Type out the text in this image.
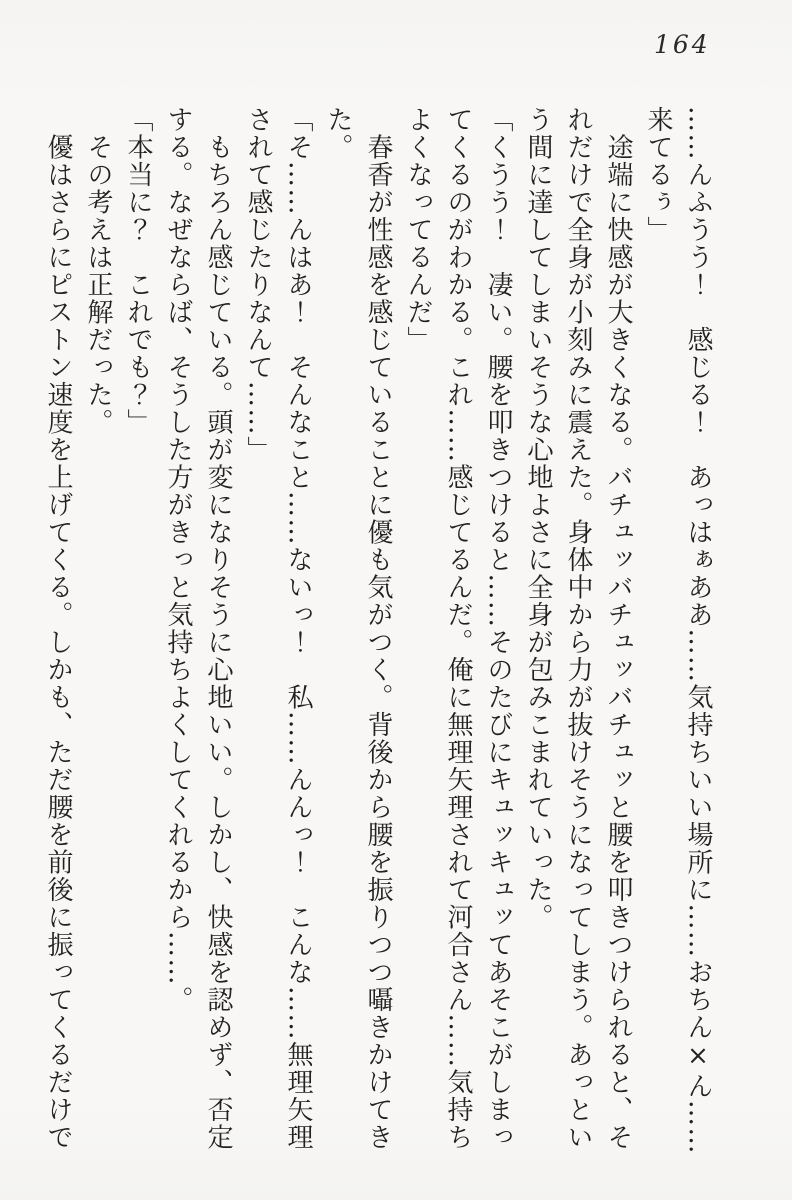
164
……んふうう！　感じる！　あっはぁああ……気持ちいい場所に……おちん×ん……
来てるぅ」
　途端に快感が大きくなる。バチュッバチュッバチュッと腰を叩きつけられると、そ
れだけで全身が小刻みに震えた。身体中から力が抜けそうになってしまう。あっとい
う間に達してしまいそうな心地よさに全身が包みこまれていった。
「くうう！　凄い。腰を叩きつけると……そのたびにキュッキュッてあそこがしまっ
てくるのがわかる。これ……感じてるんだ。俺に無理矢理されて河合さん……気持ち
よくなってるんだ」
　春香が性感を感じていることに優も気がつく。背後から腰を振りつつ囁きかけてき
た。
「そ……んはあ！　そんなこと……ないっ！　私……んんっ！　こんな……無理矢理
されて感じたりなんて……」
　もちろん感じている。頭が変になりそうに心地いい。しかし、快感を認めず、否定
する。なぜならば、そうした方がきっと気持ちよくしてくれるから……。
「本当に？　これでも？」
　その考えは正解だった。
　優はさらにピストン速度を上げてくる。しかも、ただ腰を前後に振ってくるだけで
